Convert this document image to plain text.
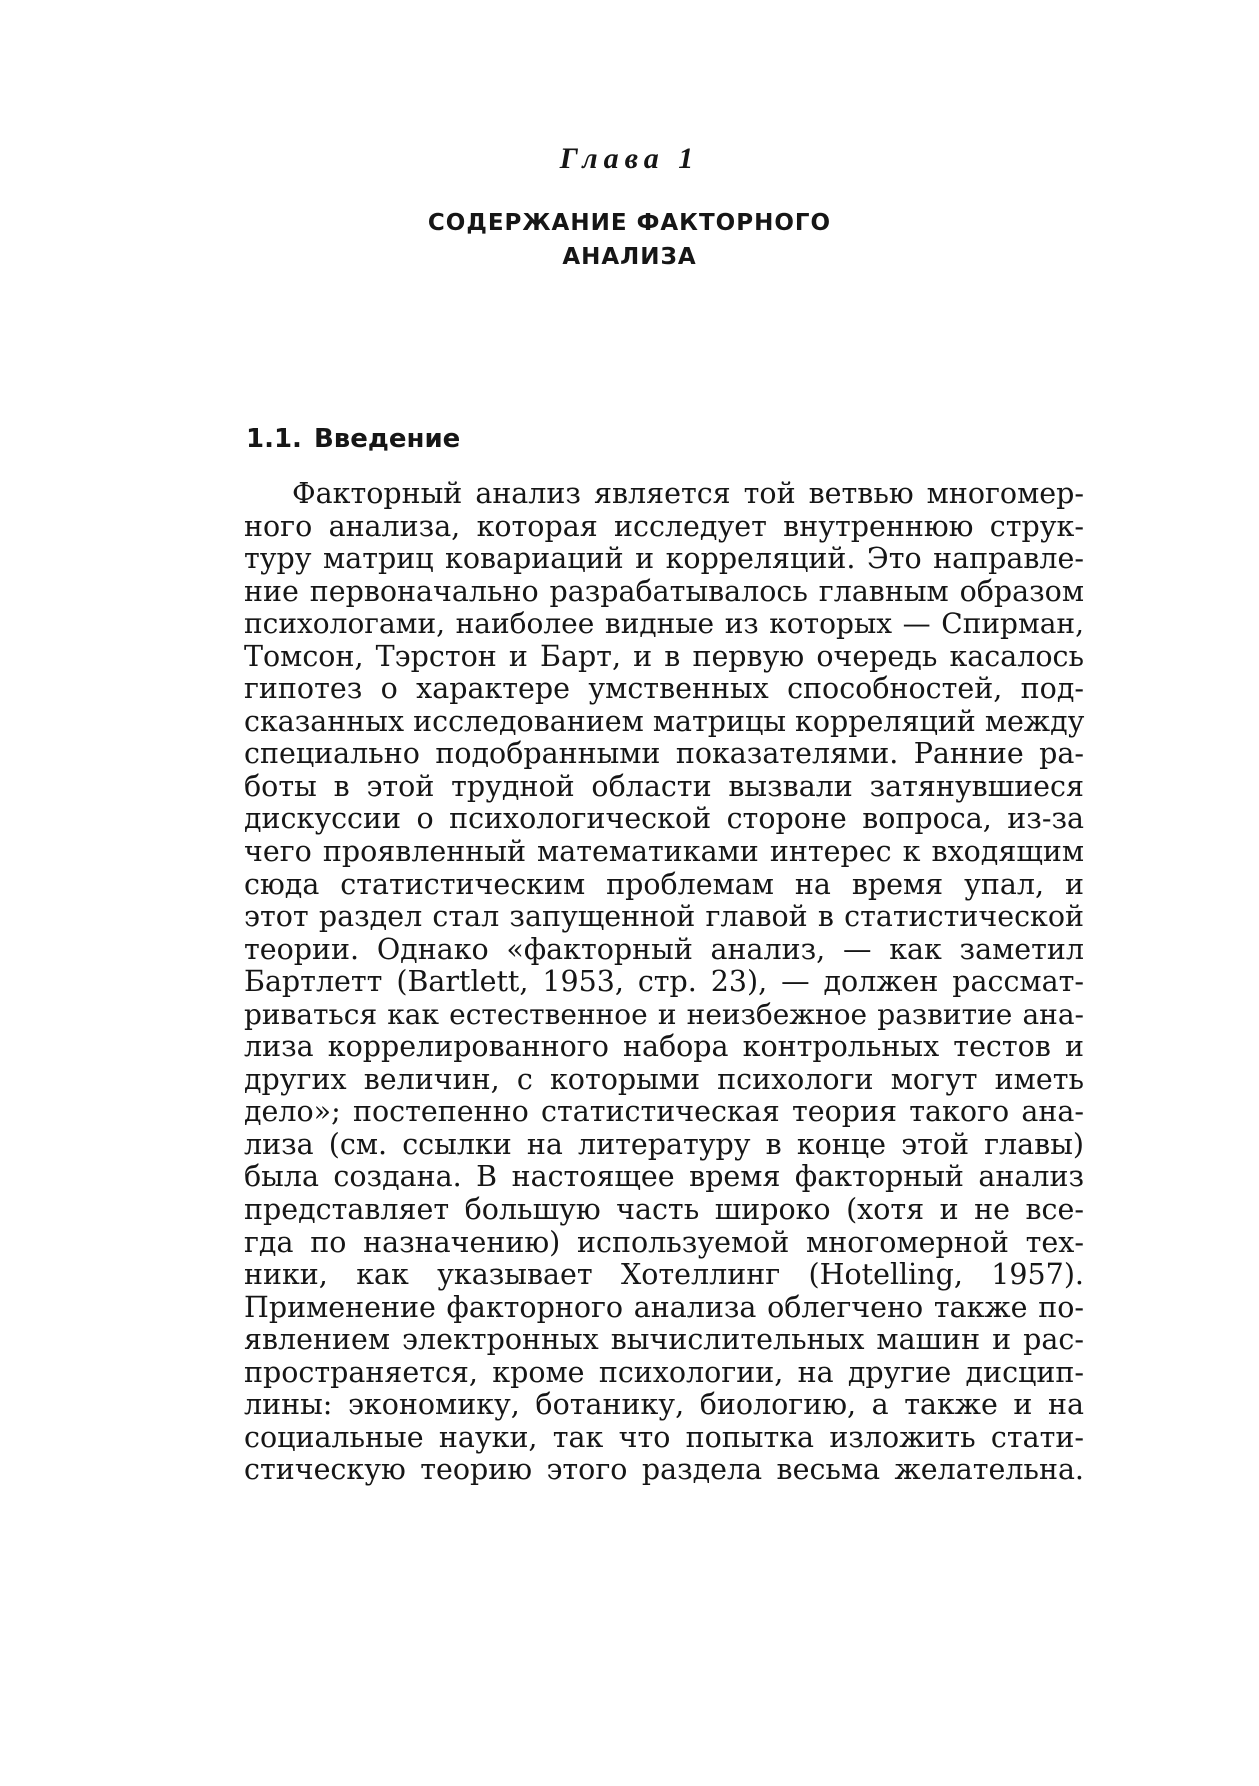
Глава 1
СОДЕРЖАНИЕ ФАКТОРНОГО
АНАЛИЗА
1.1. Введение
Факторный анализ является той ветвью многомер-
ного анализа, которая исследует внутреннюю струк-
туру матриц ковариаций и корреляций. Это направле-
ние первоначально разрабатывалось главным образом
психологами, наиболее видные из которых — Спирман,
Томсон, Тэрстон и Барт, и в первую очередь касалось
гипотез о характере умственных способностей, под-
сказанных исследованием матрицы корреляций между
специально подобранными показателями. Ранние ра-
боты в этой трудной области вызвали затянувшиеся
дискуссии о психологической стороне вопроса, из-за
чего проявленный математиками интерес к входящим
сюда статистическим проблемам на время упал, и
этот раздел стал запущенной главой в статистической
теории. Однако «факторный анализ, — как заметил
Бартлетт (Bartlett, 1953, стр. 23), — должен рассмат-
риваться как естественное и неизбежное развитие ана-
лиза коррелированного набора контрольных тестов и
других величин, с которыми психологи могут иметь
дело»; постепенно статистическая теория такого ана-
лиза (см. ссылки на литературу в конце этой главы)
была создана. В настоящее время факторный анализ
представляет большую часть широко (хотя и не все-
гда по назначению) используемой многомерной тех-
ники, как указывает Хотеллинг (Hotelling, 1957).
Применение факторного анализа облегчено также по-
явлением электронных вычислительных машин и рас-
пространяется, кроме психологии, на другие дисцип-
лины: экономику, ботанику, биологию, а также и на
социальные науки, так что попытка изложить стати-
стическую теорию этого раздела весьма желательна.
